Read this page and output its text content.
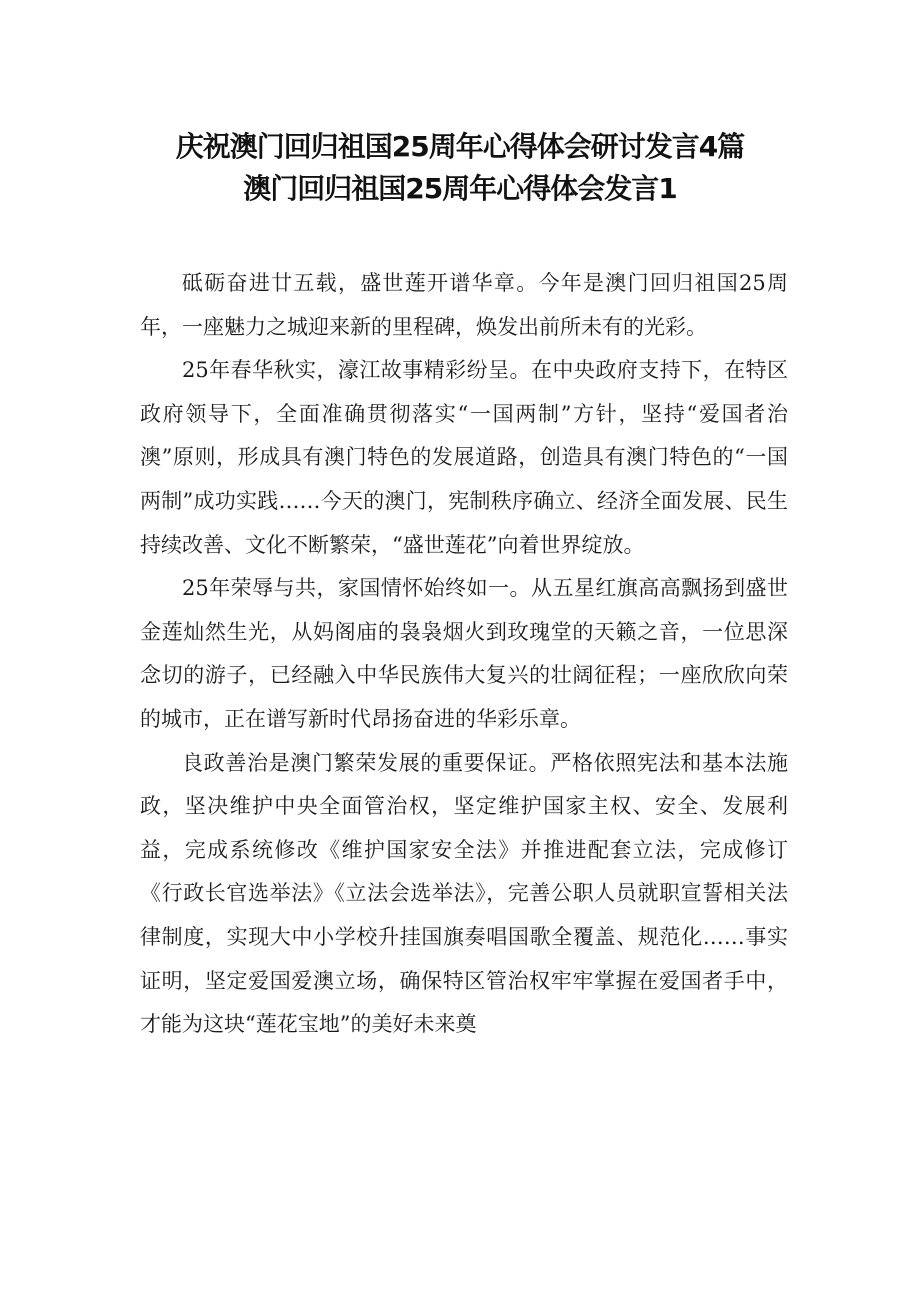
庆祝澳门回归祖国25周年心得体会研讨发言4篇
澳门回归祖国25周年心得体会发言1

砥砺奋进廿五载，盛世莲开谱华章。今年是澳门回归祖国25周年，一座魅力之城迎来新的里程碑，焕发出前所未有的光彩。

25年春华秋实，濠江故事精彩纷呈。在中央政府支持下，在特区政府领导下，全面准确贯彻落实“一国两制”方针，坚持“爱国者治澳”原则，形成具有澳门特色的发展道路，创造具有澳门特色的“一国两制”成功实践……今天的澳门，宪制秩序确立、经济全面发展、民生持续改善、文化不断繁荣，“盛世莲花”向着世界绽放。

25年荣辱与共，家国情怀始终如一。从五星红旗高高飘扬到盛世金莲灿然生光，从妈阁庙的袅袅烟火到玫瑰堂的天籁之音，一位思深念切的游子，已经融入中华民族伟大复兴的壮阔征程；一座欣欣向荣的城市，正在谱写新时代昂扬奋进的华彩乐章。

良政善治是澳门繁荣发展的重要保证。严格依照宪法和基本法施政，坚决维护中央全面管治权，坚定维护国家主权、安全、发展利益，完成系统修改《维护国家安全法》并推进配套立法，完成修订《行政长官选举法》《立法会选举法》，完善公职人员就职宣誓相关法律制度，实现大中小学校升挂国旗奏唱国歌全覆盖、规范化……事实证明，坚定爱国爱澳立场，确保特区管治权牢牢掌握在爱国者手中，才能为这块“莲花宝地”的美好未来奠
